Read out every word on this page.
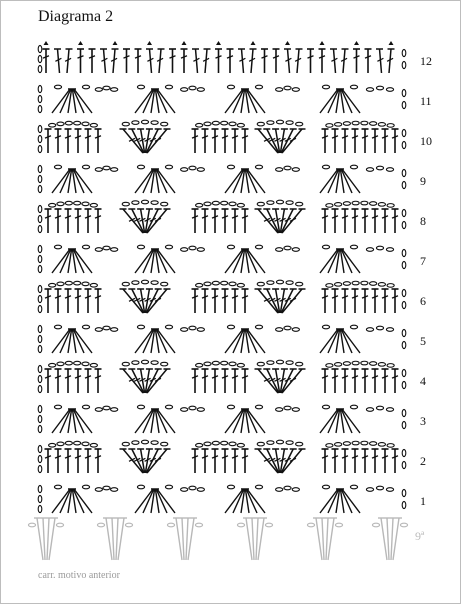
Diagrama 2
12
11
10
9
8
7
6
5
4
3
2
1
9ª
carr. motivo anterior
